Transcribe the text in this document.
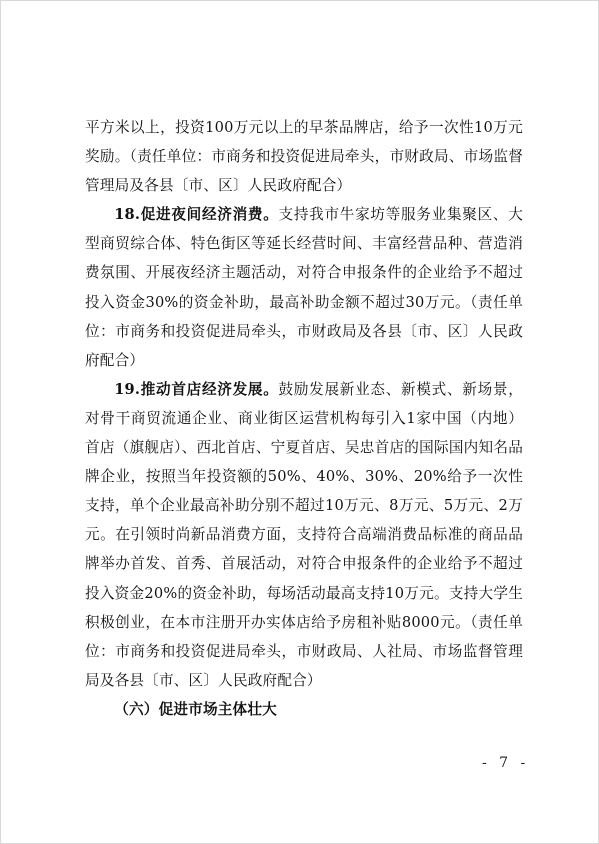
平方米以上，投资100万元以上的早茶品牌店，给予一次性10万元奖励。（责任单位：市商务和投资促进局牵头，市财政局、市场监督管理局及各县〔市、区〕人民政府配合）

18.促进夜间经济消费。支持我市牛家坊等服务业集聚区、大型商贸综合体、特色街区等延长经营时间、丰富经营品种、营造消费氛围、开展夜经济主题活动，对符合申报条件的企业给予不超过投入资金30%的资金补助，最高补助金额不超过30万元。（责任单位：市商务和投资促进局牵头，市财政局及各县〔市、区〕人民政府配合）

19.推动首店经济发展。鼓励发展新业态、新模式、新场景，对骨干商贸流通企业、商业街区运营机构每引入1家中国（内地）首店（旗舰店）、西北首店、宁夏首店、吴忠首店的国际国内知名品牌企业，按照当年投资额的50%、40%、30%、20%给予一次性支持，单个企业最高补助分别不超过10万元、8万元、5万元、2万元。在引领时尚新品消费方面，支持符合高端消费品标准的商品品牌举办首发、首秀、首展活动，对符合申报条件的企业给予不超过投入资金20%的资金补助，每场活动最高支持10万元。支持大学生积极创业，在本市注册开办实体店给予房租补贴8000元。（责任单位：市商务和投资促进局牵头，市财政局、人社局、市场监督管理局及各县〔市、区〕人民政府配合）

（六）促进市场主体壮大

- 7 -
